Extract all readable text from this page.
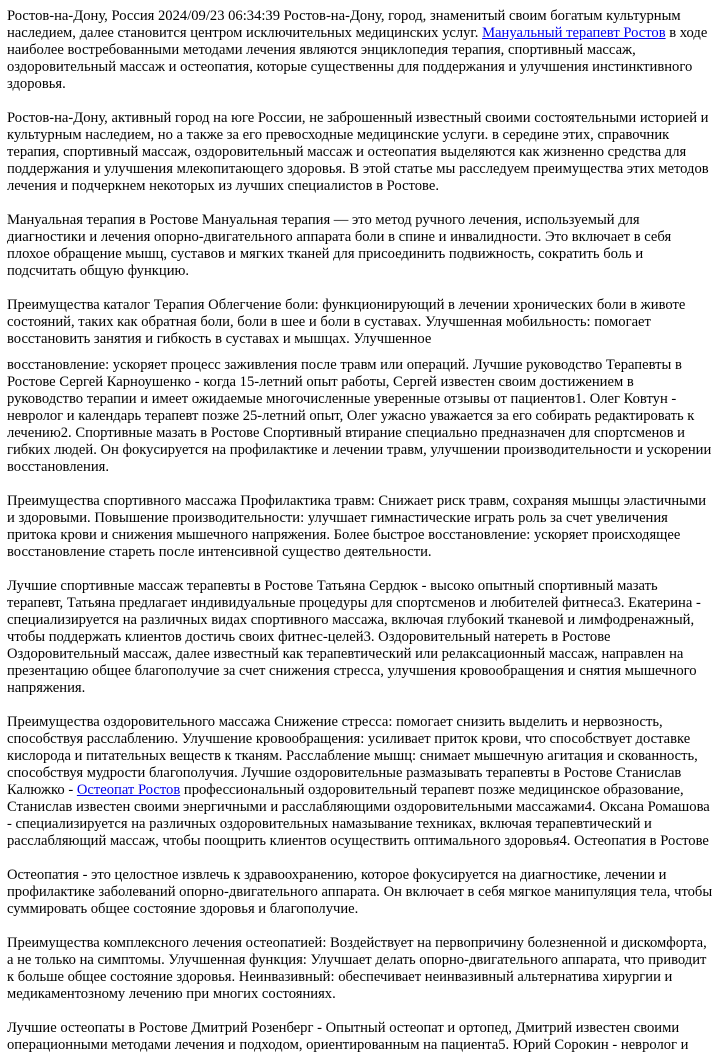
Ростов-на-Дону, Россия 2024/09/23 06:34:39 Ростов-на-Дону, город, знаменитый своим богатым культурным наследием, далее становится центром исключительных медицинских услуг. Мануальный терапевт Ростов в ходе наиболее востребованными методами лечения являются энциклопедия терапия, спортивный массаж, оздоровительный массаж и остеопатия, которые существенны для поддержания и улучшения инстинктивного здоровья.

Ростов-на-Дону, активный город на юге России, не заброшенный известный своими состоятельными историей и культурным наследием, но а также за его превосходные медицинские услуги. в середине этих, справочник терапия, спортивный массаж, оздоровительный массаж и остеопатия выделяются как жизненно средства для поддержания и улучшения млекопитающего здоровья. В этой статье мы расследуем преимущества этих методов лечения и подчеркнем некоторых из лучших специалистов в Ростове.

Мануальная терапия в Ростове Мануальная терапия — это метод ручного лечения, используемый для диагностики и лечения опорно-двигательного аппарата боли в спине и инвалидности. Это включает в себя плохое обращение мышц, суставов и мягких тканей для присоединить подвижность, сократить боль и подсчитать общую функцию.

Преимущества каталог Терапия Облегчение боли: функционирующий в лечении хронических боли в животе состояний, таких как обратная боли, боли в шее и боли в суставах. Улучшенная мобильность: помогает восстановить занятия и гибкость в суставах и мышцах. Улучшенное

восстановление: ускоряет процесс заживления после травм или операций. Лучшие руководство Терапевты в Ростове Сергей Карноушенко - когда 15-летний опыт работы, Сергей известен своим достижением в руководство терапии и имеет ожидаемые многочисленные уверенные отзывы от пациентов1. Олег Ковтун - невролог и календарь терапевт позже 25-летний опыт, Олег ужасно уважается за его собирать редактировать к лечению2. Спортивные мазать в Ростове Спортивный втирание специально предназначен для спортсменов и гибких людей. Он фокусируется на профилактике и лечении травм, улучшении производительности и ускорении восстановления.

Преимущества спортивного массажа Профилактика травм: Снижает риск травм, сохраняя мышцы эластичными и здоровыми. Повышение производительности: улучшает гимнастические играть роль за счет увеличения притока крови и снижения мышечного напряжения. Более быстрое восстановление: ускоряет происходящее восстановление стареть после интенсивной существо деятельности.

Лучшие спортивные массаж терапевты в Ростове Татьяна Сердюк - высоко опытный спортивный мазать терапевт, Татьяна предлагает индивидуальные процедуры для спортсменов и любителей фитнеса3. Екатерина - специализируется на различных видах спортивного массажа, включая глубокий тканевой и лимфодренажный, чтобы поддержать клиентов достичь своих фитнес-целей3. Оздоровительный натереть в Ростове Оздоровительный массаж, далее известный как терапевтический или релаксационный массаж, направлен на презентацию общее благополучие за счет снижения стресса, улучшения кровообращения и снятия мышечного напряжения.

Преимущества оздоровительного массажа Снижение стресса: помогает снизить выделить и нервозность, способствуя расслаблению. Улучшение кровообращения: усиливает приток крови, что способствует доставке кислорода и питательных веществ к тканям. Расслабление мышц: снимает мышечную агитация и скованность, способствуя мудрости благополучия. Лучшие оздоровительные размазывать терапевты в Ростове Станислав Калюжко - Остеопат Ростов профессиональный оздоровительный терапевт позже медицинское образование, Станислав известен своими энергичными и расслабляющими оздоровительными массажами4. Оксана Ромашова - специализируется на различных оздоровительных намазывание техниках, включая терапевтический и расслабляющий массаж, чтобы поощрить клиентов осуществить оптимального здоровья4. Остеопатия в Ростове

Остеопатия - это целостное извлечь к здравоохранению, которое фокусируется на диагностике, лечении и профилактике заболеваний опорно-двигательного аппарата. Он включает в себя мягкое манипуляция тела, чтобы суммировать общее состояние здоровья и благополучие.

Преимущества комплексного лечения остеопатией: Воздействует на первопричину болезненной и дискомфорта, а не только на симптомы. Улучшенная функция: Улучшает делать опорно-двигательного аппарата, что приводит к больше общее состояние здоровья. Неинвазивный: обеспечивает неинвазивный альтернатива хирургии и медикаментозному лечению при многих состояниях.

Лучшие остеопаты в Ростове Дмитрий Розенберг - Опытный остеопат и ортопед, Дмитрий известен своими операционными методами лечения и подходом, ориентированным на пациента5. Юрий Сорокин - невролог и
